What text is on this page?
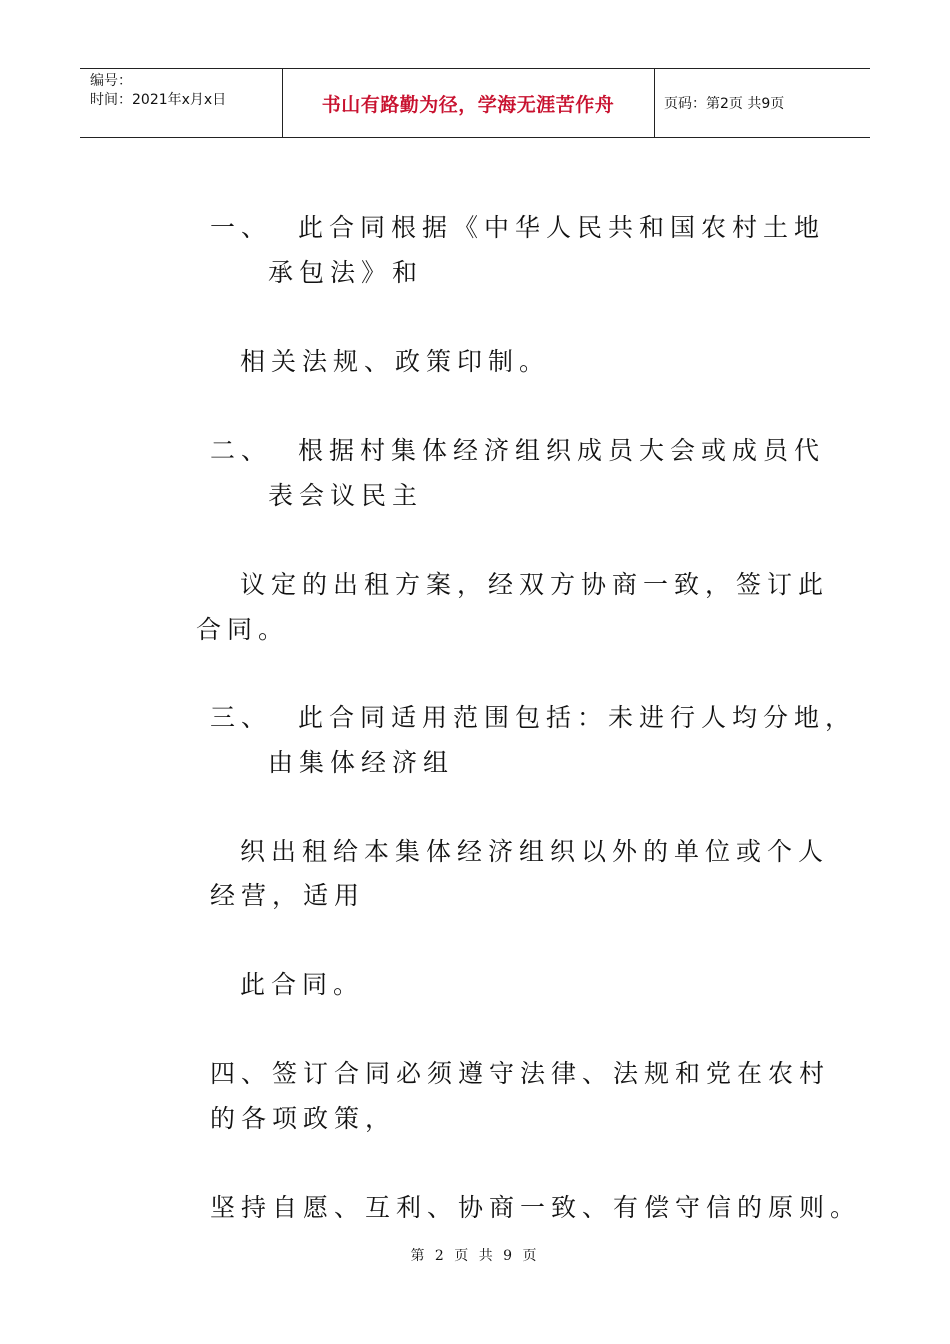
编号：
时间：2021年x月x日	书山有路勤为径，学海无涯苦作舟	页码：第2页 共9页
一、 此合同根据《中华人民共和国农村土地
承包法》和
相关法规、政策印制。
二、 根据村集体经济组织成员大会或成员代
表会议民主
议定的出租方案，经双方协商一致，签订此
合同。
三、 此合同适用范围包括：未进行人均分地，
由集体经济组
织出租给本集体经济组织以外的单位或个人
经营，适用
此合同。
四、签订合同必须遵守法律、法规和党在农村
的各项政策，
坚持自愿、互利、协商一致、有偿守信的原则。
第 2 页 共 9 页
